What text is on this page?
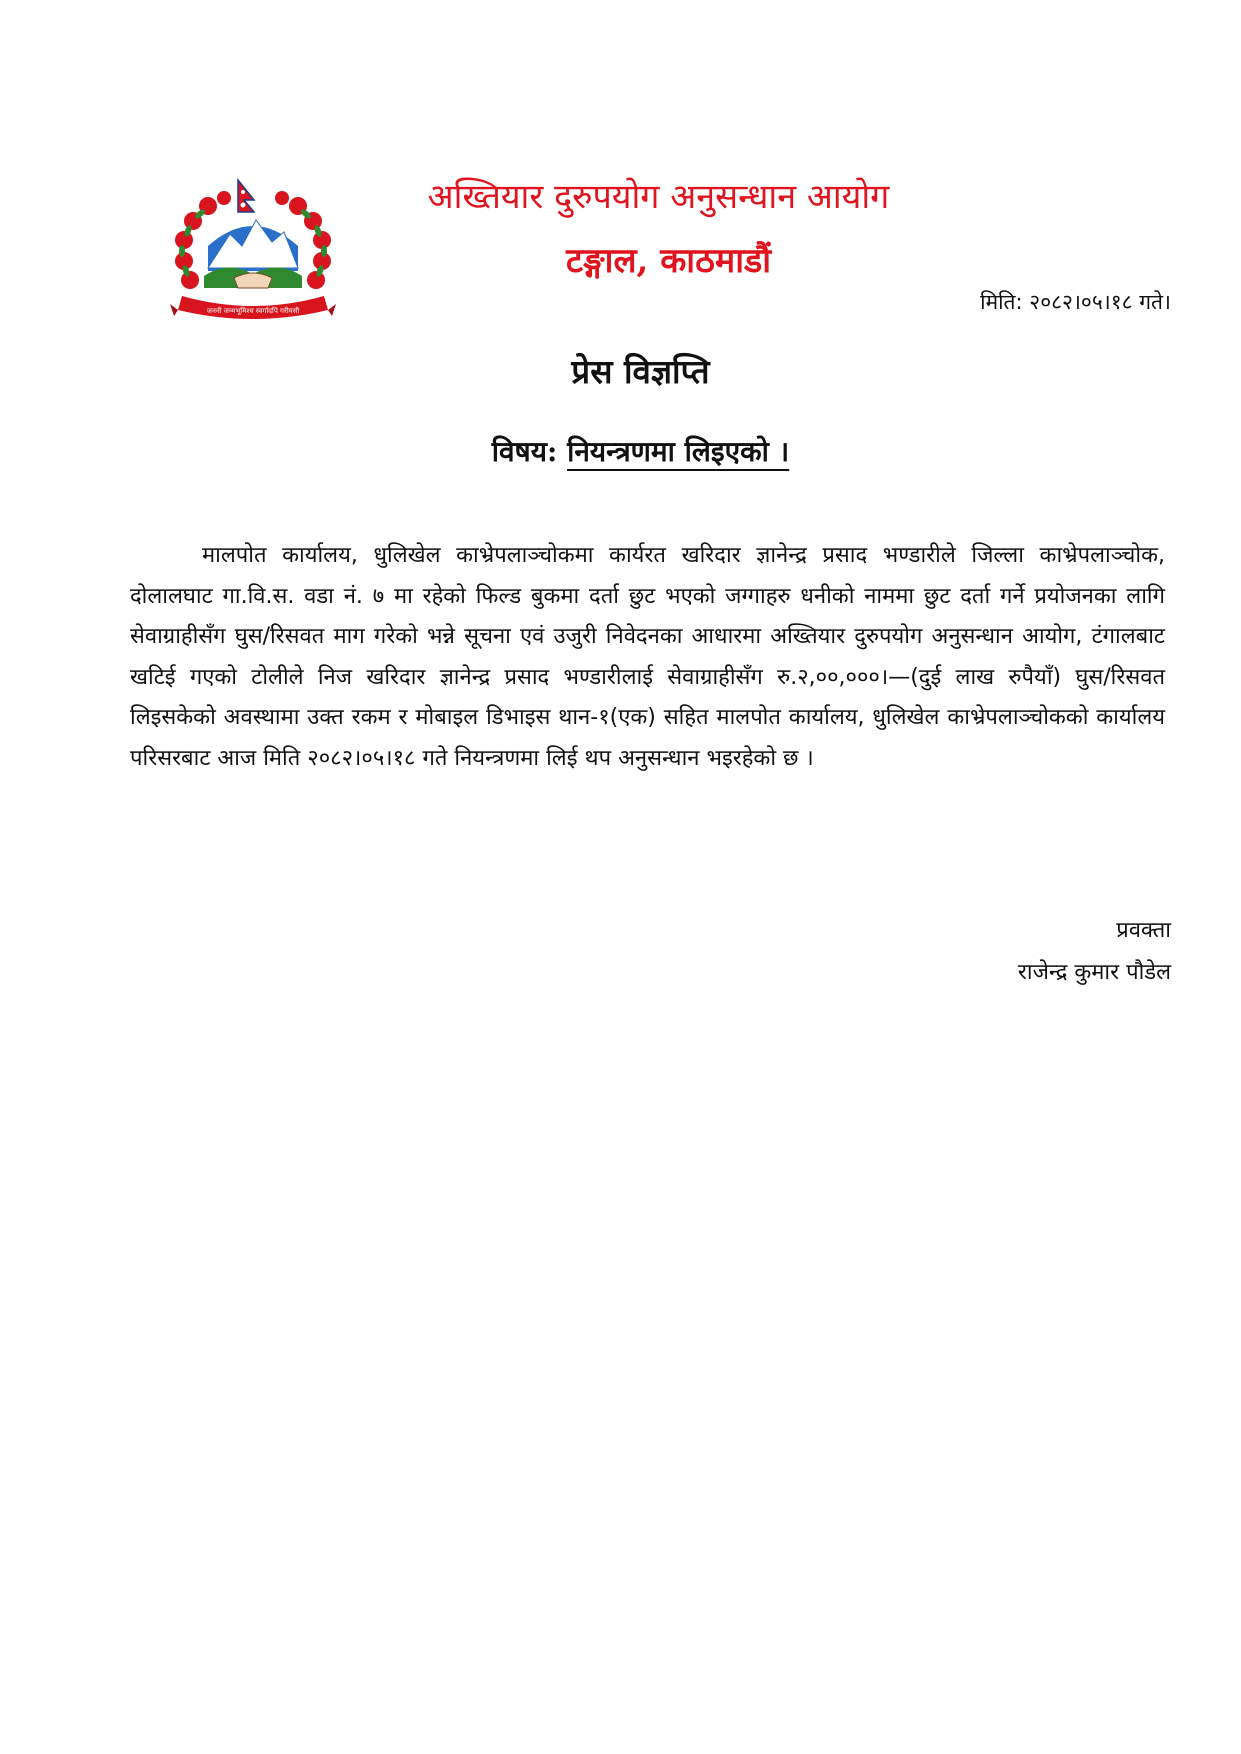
जननी जन्मभूमिश्च स्वर्गादपि गरीयसी
अख्तियार दुरुपयोग अनुसन्धान आयोग
टङ्गाल, काठमाडौं
मिति: २०८२।०५।१८ गते।
प्रेस विज्ञप्ति
विषय: नियन्त्रणमा लिइएको ।

मालपोत कार्यालय, धुलिखेल काभ्रेपलाञ्चोकमा कार्यरत खरिदार ज्ञानेन्द्र प्रसाद भण्डारीले जिल्ला काभ्रेपलाञ्चोक, दोलालघाट गा.वि.स. वडा नं. ७ मा रहेको फिल्ड बुकमा दर्ता छुट भएको जग्गाहरु धनीको नाममा छुट दर्ता गर्ने प्रयोजनका लागि सेवाग्राहीसँग घुस/रिसवत माग गरेको भन्ने सूचना एवं उजुरी निवेदनका आधारमा अख्तियार दुरुपयोग अनुसन्धान आयोग, टंगालबाट खटिई गएको टोलीले निज खरिदार ज्ञानेन्द्र प्रसाद भण्डारीलाई सेवाग्राहीसँग रु.२,००,०००।—(दुई लाख रुपैयाँ) घुस/रिसवत लिइसकेको अवस्थामा उक्त रकम र मोबाइल डिभाइस थान-१(एक) सहित मालपोत कार्यालय, धुलिखेल काभ्रेपलाञ्चोकको कार्यालय परिसरबाट आज मिति २०८२।०५।१८ गते नियन्त्रणमा लिई थप अनुसन्धान भइरहेको छ ।

प्रवक्ता
राजेन्द्र कुमार पौडेल
